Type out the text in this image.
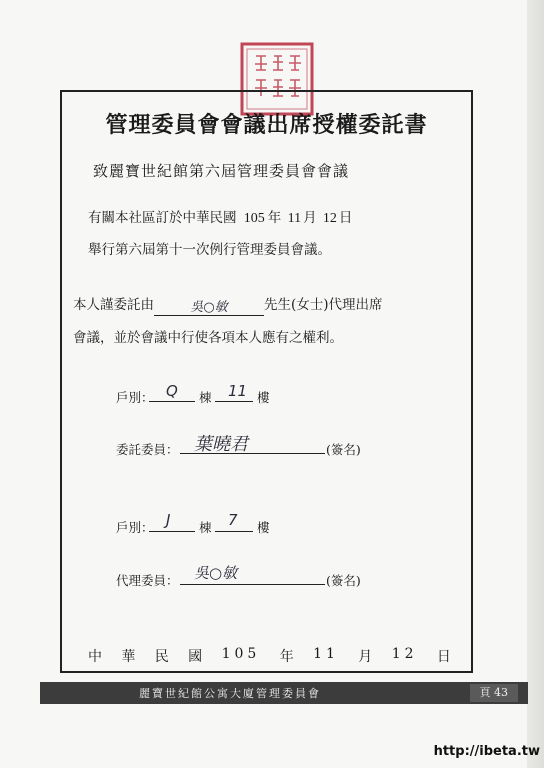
管理委員會會議出席授權委託書
致麗寶世紀館第六屆管理委員會會議
有關本社區訂於中華民國 105 年 11 月 12 日
舉行第六屆第十一次例行管理委員會議。
本人謹委託由	吳○敏	先生(女士)代理出席
會議，並於會議中行使各項本人應有之權利。
戶別： Q 棟 11 樓
委託委員： 葉曉君	(簽名)
戶別： J 棟 7 樓
代理委員： 吳○敏	(簽名)
中 華 民 國 105 年 11 月 12 日
麗寶世紀館公寓大廈管理委員會	頁 43
http://ibeta.tw
